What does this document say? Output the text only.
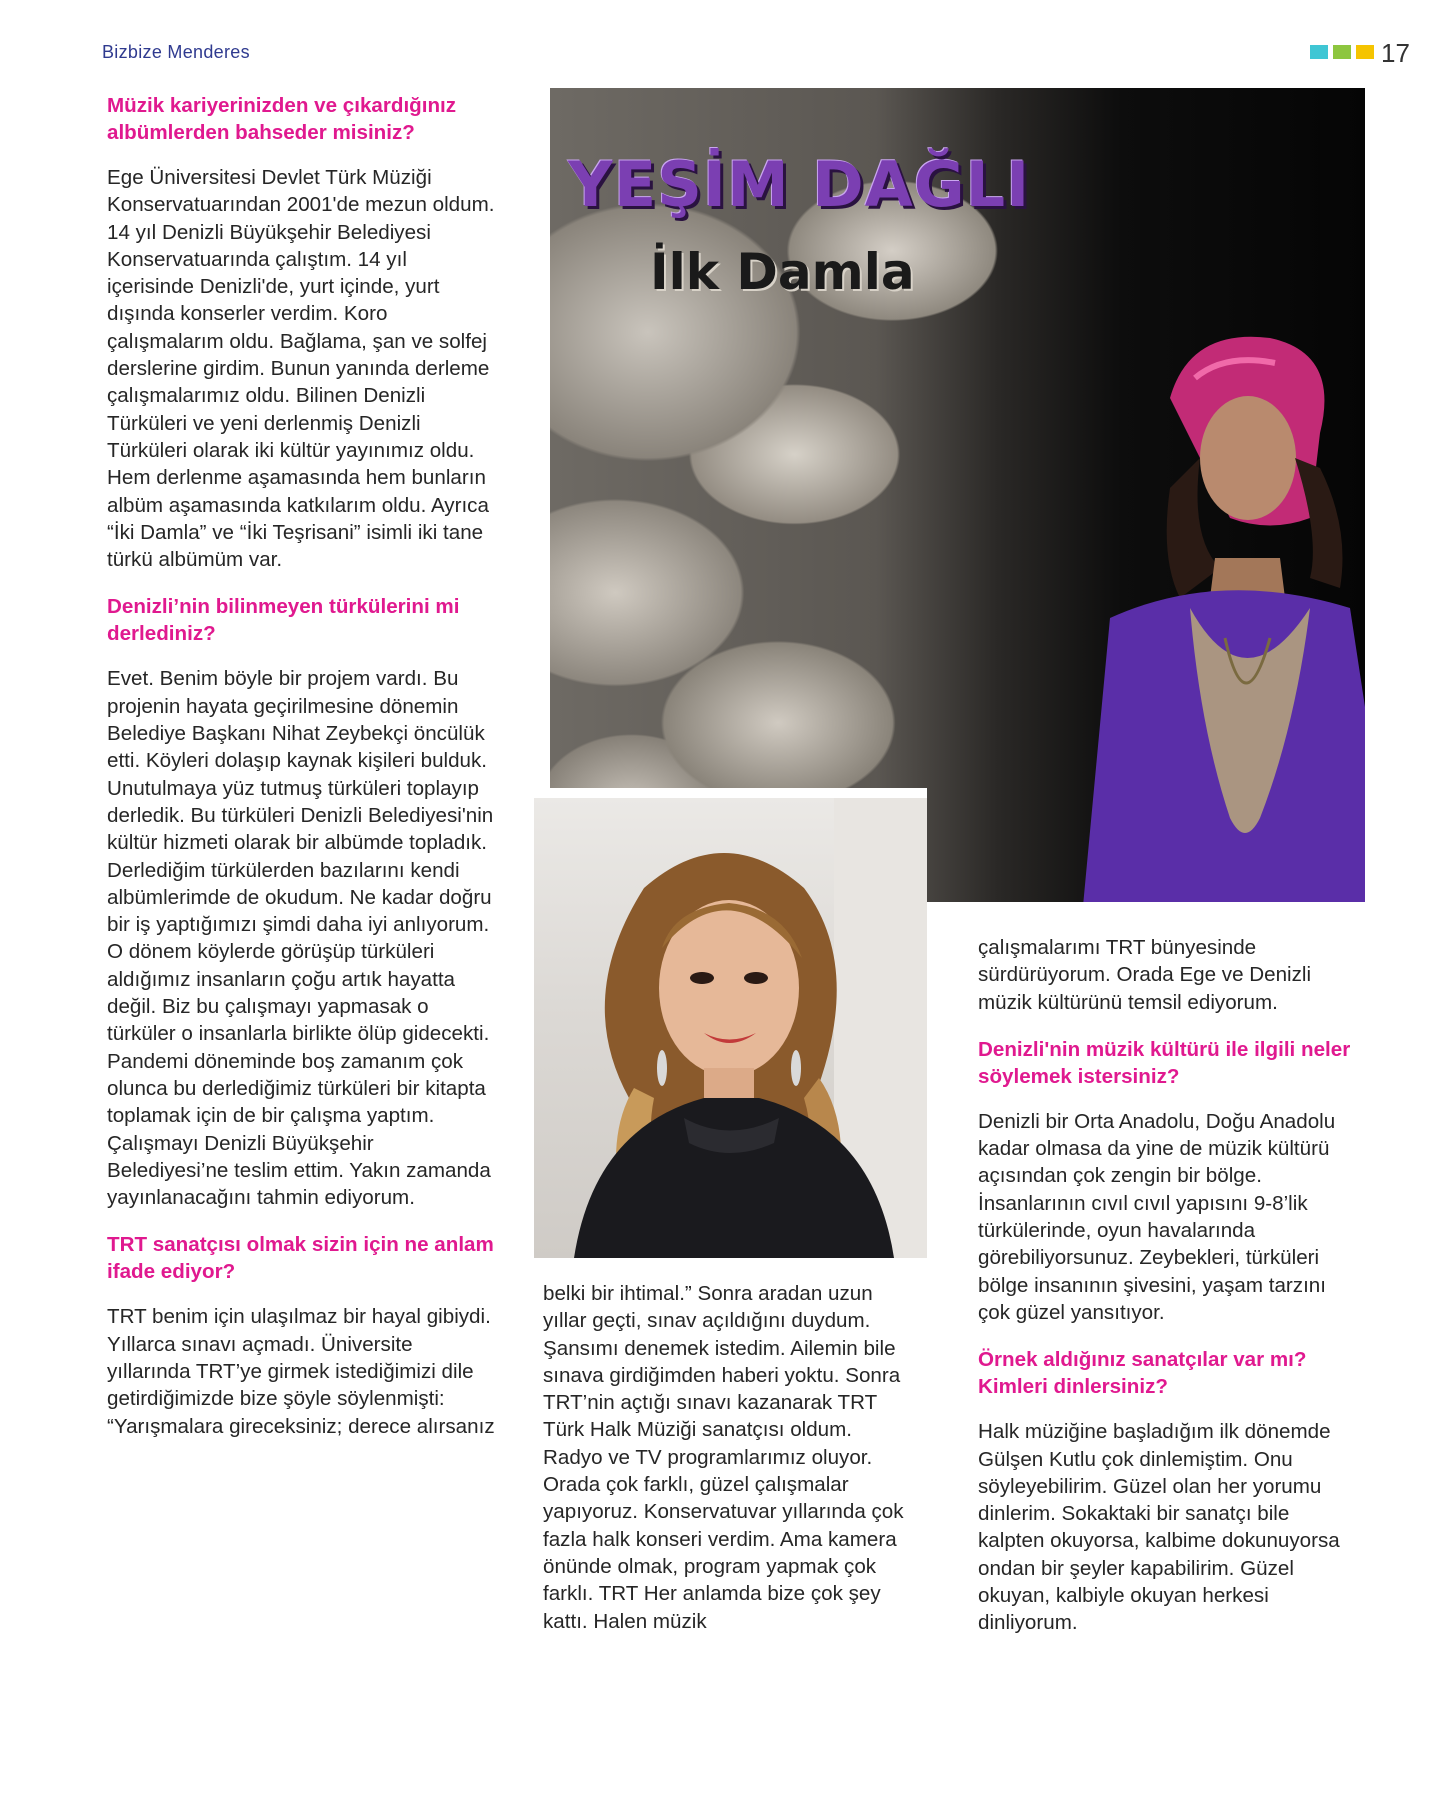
Bizbize Menderes	17
Müzik kariyerinizden ve çıkardığınız albümlerden bahseder misiniz?

Ege Üniversitesi Devlet Türk Müziği Konservatuarından 2001'de mezun oldum. 14 yıl Denizli Büyükşehir Belediyesi Konservatuarında çalıştım. 14 yıl içerisinde Denizli'de, yurt içinde, yurt dışında konserler verdim. Koro çalışmalarım oldu. Bağlama, şan ve solfej derslerine girdim. Bunun yanında derleme çalışmalarımız oldu. Bilinen Denizli Türküleri ve yeni derlenmiş Denizli Türküleri olarak iki kültür yayınımız oldu. Hem derlenme aşamasında hem bunların albüm aşamasında katkılarım oldu. Ayrıca “İki Damla” ve “İki Teşrisani” isimli iki tane türkü albümüm var.

Denizli’nin bilinmeyen türkülerini mi derlediniz?

Evet. Benim böyle bir projem vardı. Bu projenin hayata geçirilmesine dönemin Belediye Başkanı Nihat Zeybekçi öncülük etti. Köyleri dolaşıp kaynak kişileri bulduk. Unutulmaya yüz tutmuş türküleri toplayıp derledik. Bu türküleri Denizli Belediyesi'nin kültür hizmeti olarak bir albümde topladık. Derlediğim türkülerden bazılarını kendi albümlerimde de okudum. Ne kadar doğru bir iş yaptığımızı şimdi daha iyi anlıyorum. O dönem köylerde görüşüp türküleri aldığımız insanların çoğu artık hayatta değil. Biz bu çalışmayı yapmasak o türküler o insanlarla birlikte ölüp gidecekti. Pandemi döneminde boş zamanım çok olunca bu derlediğimiz türküleri bir kitapta toplamak için de bir çalışma yaptım. Çalışmayı Denizli Büyükşehir Belediyesi’ne teslim ettim. Yakın zamanda yayınlanacağını tahmin ediyorum.

TRT sanatçısı olmak sizin için ne anlam ifade ediyor?

TRT benim için ulaşılmaz bir hayal gibiydi. Yıllarca sınavı açmadı. Üniversite yıllarında TRT’ye girmek istediğimizi dile getirdiğimizde bize şöyle söylenmişti: “Yarışmalara gireceksiniz; derece alırsanız

YEŞİM DAĞLI
İlk Damla

belki bir ihtimal.” Sonra aradan uzun yıllar geçti, sınav açıldığını duydum.
Şansımı denemek istedim. Ailemin bile sınava girdiğimden haberi yoktu. Sonra TRT’nin açtığı sınavı kazanarak TRT Türk Halk Müziği sanatçısı oldum. Radyo ve TV programlarımız oluyor. Orada çok farklı, güzel çalışmalar yapıyoruz. Konservatuvar yıllarında çok fazla halk konseri verdim. Ama kamera önünde olmak, program yapmak çok farklı. TRT Her anlamda bize çok şey kattı. Halen müzik

çalışmalarımı TRT bünyesinde sürdürüyorum. Orada Ege ve Denizli müzik kültürünü temsil ediyorum.

Denizli'nin müzik kültürü ile ilgili neler söylemek istersiniz?

Denizli bir Orta Anadolu, Doğu Anadolu kadar olmasa da yine de müzik kültürü açısından çok zengin bir bölge. İnsanlarının cıvıl cıvıl yapısını 9-8’lik türkülerinde, oyun havalarında görebiliyorsunuz. Zeybekleri, türküleri bölge insanının şivesini, yaşam tarzını çok güzel yansıtıyor.

Örnek aldığınız sanatçılar var mı? Kimleri dinlersiniz?

Halk müziğine başladığım ilk dönemde Gülşen Kutlu çok dinlemiştim. Onu söyleyebilirim. Güzel olan her yorumu dinlerim. Sokaktaki bir sanatçı bile kalpten okuyorsa, kalbime dokunuyorsa ondan bir şeyler kapabilirim. Güzel okuyan, kalbiyle okuyan herkesi dinliyorum.
